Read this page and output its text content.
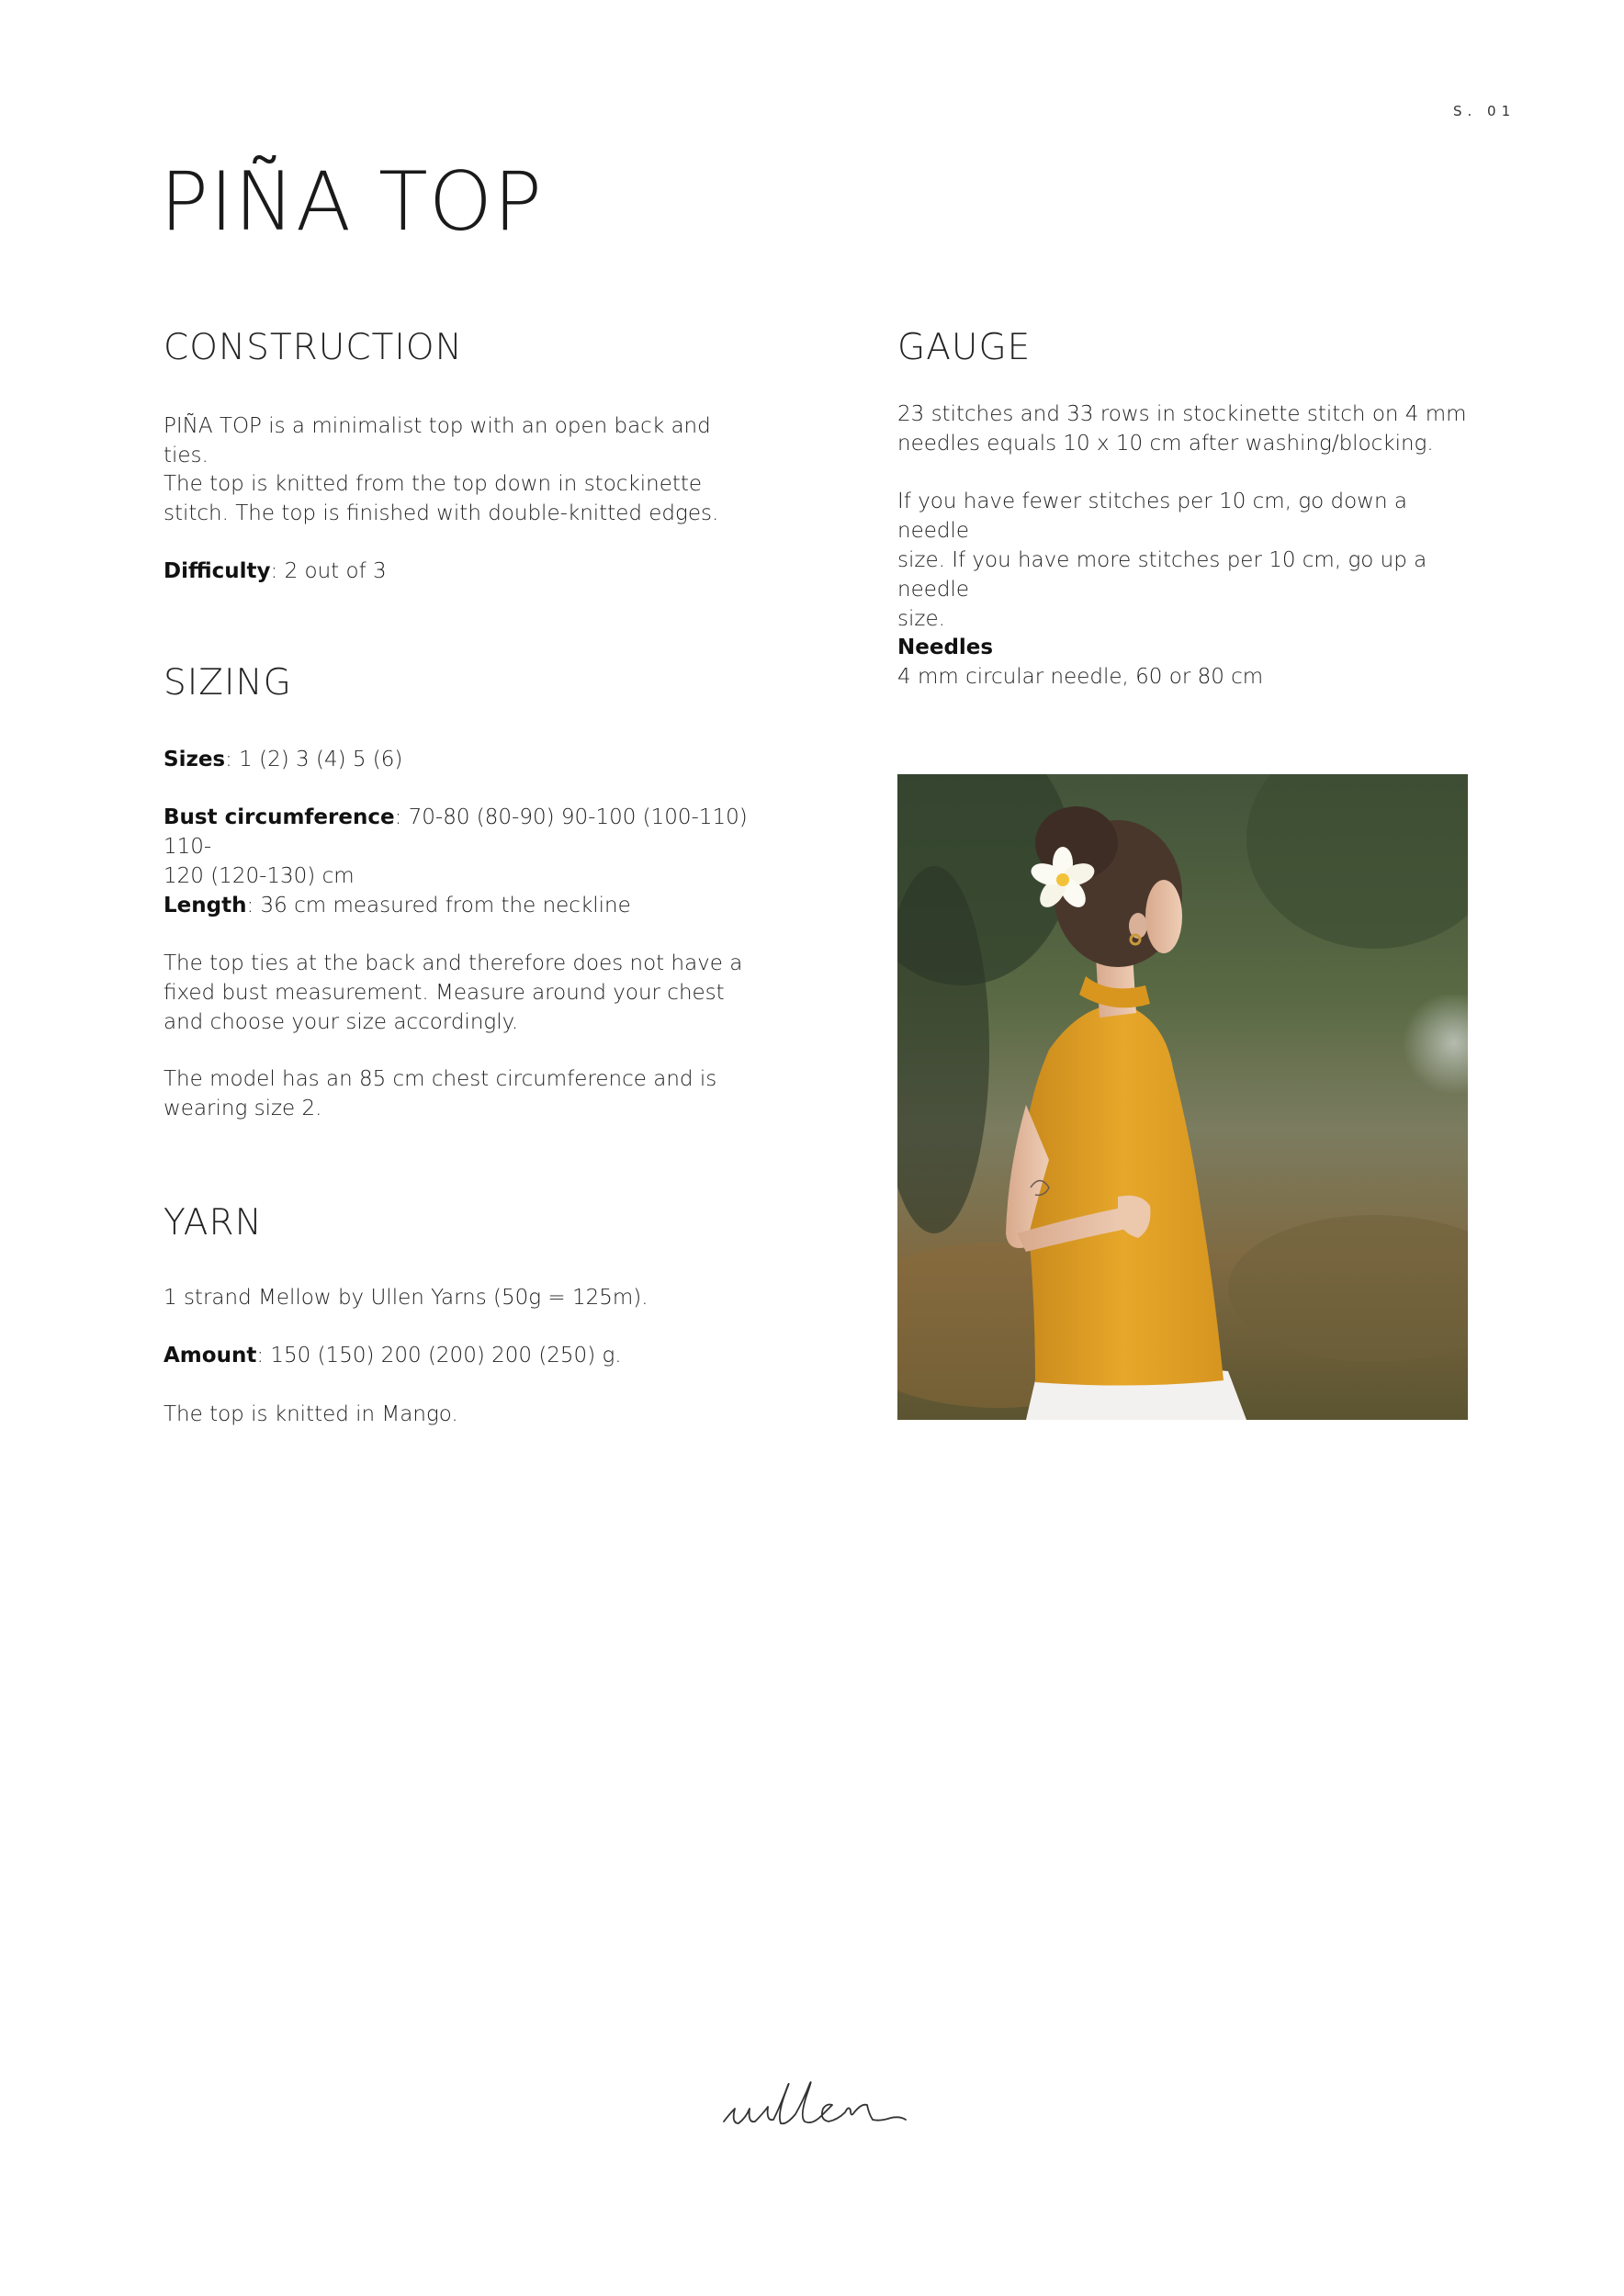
S. 01
PIÑA TOP
CONSTRUCTION

PIÑA TOP is a minimalist top with an open back and ties.

The top is knitted from the top down in stockinette
stitch. The top is finished with double-knitted edges.

Difficulty: 2 out of 3

SIZING

Sizes: 1 (2) 3 (4) 5 (6)

Bust circumference: 70-80 (80-90) 90-100 (100-110) 110-
120 (120-130) cm

Length: 36 cm measured from the neckline

The top ties at the back and therefore does not have a
fixed bust measurement. Measure around your chest
and choose your size accordingly.

The model has an 85 cm chest circumference and is
wearing size 2.

YARN

1 strand Mellow by Ullen Yarns (50g = 125m).

Amount: 150 (150) 200 (200) 200 (250) g.

The top is knitted in Mango.

GAUGE

23 stitches and 33 rows in stockinette stitch on 4 mm
needles equals 10 x 10 cm after washing/blocking.

If you have fewer stitches per 10 cm, go down a needle
size. If you have more stitches per 10 cm, go up a needle
size.

Needles
4 mm circular needle, 60 or 80 cm
